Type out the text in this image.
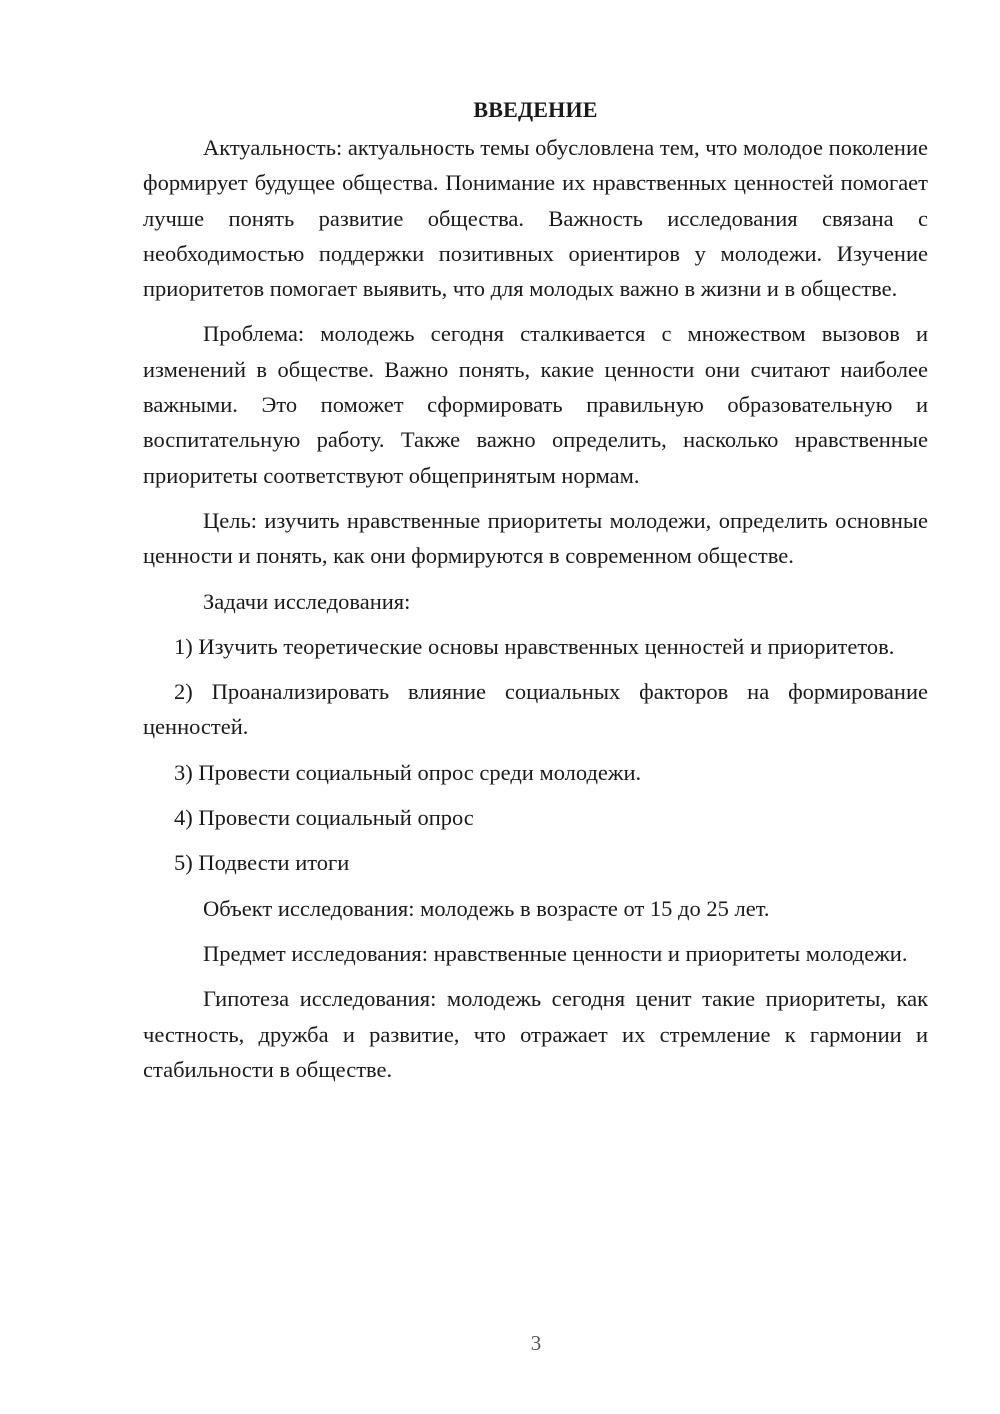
ВВЕДЕНИЕ

Актуальность: актуальность темы обусловлена тем, что молодое поколение формирует будущее общества. Понимание их нравственных ценностей помогает лучше понять развитие общества. Важность исследования связана с необходимостью поддержки позитивных ориентиров у молодежи. Изучение приоритетов помогает выявить, что для молодых важно в жизни и в обществе.

Проблема: молодежь сегодня сталкивается с множеством вызовов и изменений в обществе. Важно понять, какие ценности они считают наиболее важными. Это поможет сформировать правильную образовательную и воспитательную работу. Также важно определить, насколько нравственные приоритеты соответствуют общепринятым нормам.

Цель: изучить нравственные приоритеты молодежи, определить основные ценности и понять, как они формируются в современном обществе.

Задачи исследования:

1) Изучить теоретические основы нравственных ценностей и приоритетов.

2) Проанализировать влияние социальных факторов на формирование ценностей.

3) Провести социальный опрос среди молодежи.

4) Провести социальный опрос

5) Подвести итоги

Объект исследования: молодежь в возрасте от 15 до 25 лет.

Предмет исследования: нравственные ценности и приоритеты молодежи.

Гипотеза исследования: молодежь сегодня ценит такие приоритеты, как честность, дружба и развитие, что отражает их стремление к гармонии и стабильности в обществе.

3
